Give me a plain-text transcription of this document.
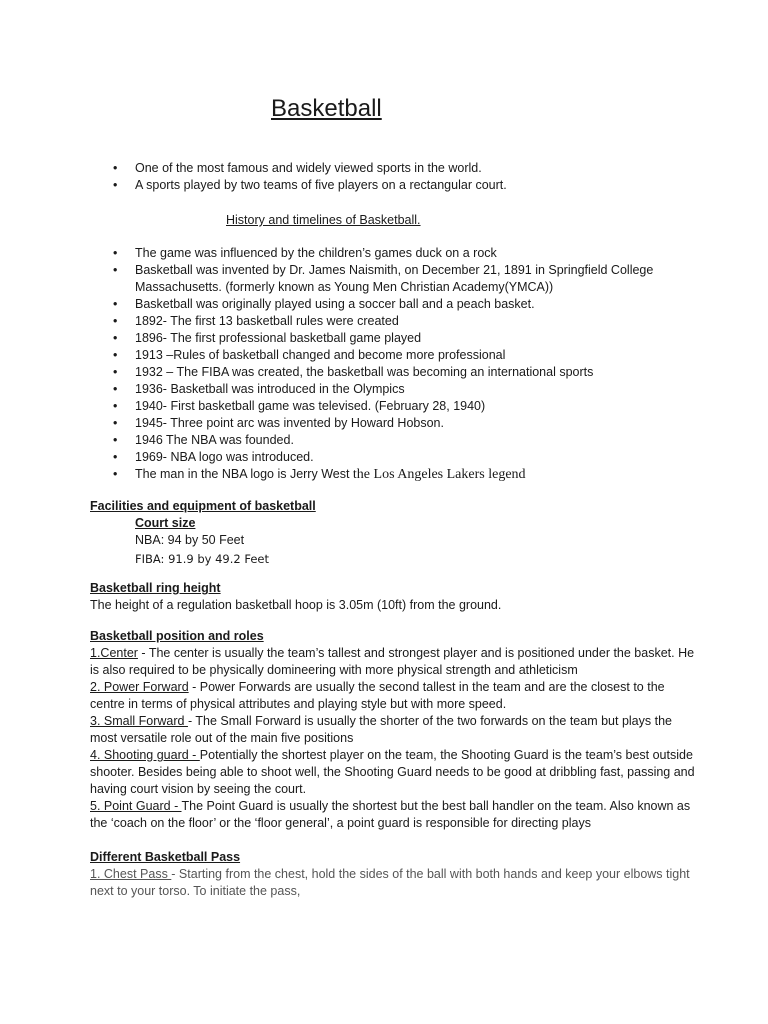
Basketball
• One of the most famous and widely viewed sports in the world.
• A sports played by two teams of five players on a rectangular court.

History and timelines of Basketball.

• The game was influenced by the children’s games duck on a rock
• Basketball was invented by Dr. James Naismith, on December 21, 1891 in Springfield College Massachusetts. (formerly known as Young Men Christian Academy(YMCA))
• Basketball was originally played using a soccer ball and a peach basket.
• 1892- The first 13 basketball rules were created
• 1896- The first professional basketball game played
• 1913 –Rules of basketball changed and become more professional
• 1932 – The FIBA was created, the basketball was becoming an international sports
• 1936- Basketball was introduced in the Olympics
• 1940- First basketball game was televised. (February 28, 1940)
• 1945- Three point arc was invented by Howard Hobson.
• 1946 The NBA was founded.
• 1969- NBA logo was introduced.
• The man in the NBA logo is Jerry West the Los Angeles Lakers legend

Facilities and equipment of basketball

Court size

NBA: 94 by 50 Feet

FIBA: 91.9 by 49.2 Feet

Basketball ring height

The height of a regulation basketball hoop is 3.05m (10ft) from the ground.

Basketball position and roles

1.Center - The center is usually the team’s tallest and strongest player and is positioned under the basket. He is also required to be physically domineering with more physical strength and athleticism

2. Power Forward - Power Forwards are usually the second tallest in the team and are the closest to the centre in terms of physical attributes and playing style but with more speed.

3. Small Forward - The Small Forward is usually the shorter of the two forwards on the team but plays the most versatile role out of the main five positions

4. Shooting guard - Potentially the shortest player on the team, the Shooting Guard is the team’s best outside shooter. Besides being able to shoot well, the Shooting Guard needs to be good at dribbling fast, passing and having court vision by seeing the court.

5. Point Guard - The Point Guard is usually the shortest but the best ball handler on the team. Also known as the ‘coach on the floor’ or the ‘floor general’, a point guard is responsible for directing plays

Different Basketball Pass

1. Chest Pass - Starting from the chest, hold the sides of the ball with both hands and keep your elbows tight next to your torso. To initiate the pass,
